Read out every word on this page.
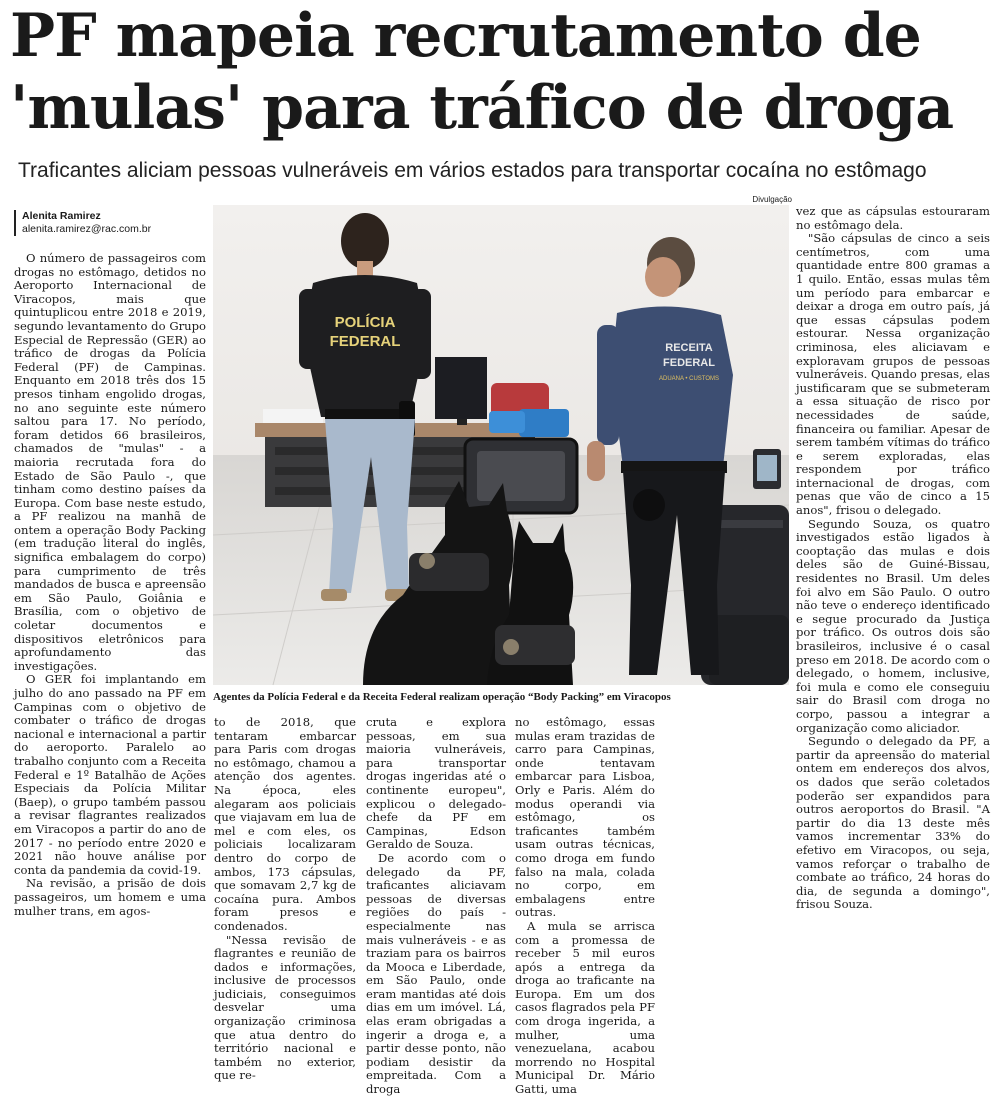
PF mapeia recrutamento de
'mulas' para tráfico de droga

Traficantes aliciam pessoas vulneráveis em vários estados para transportar cocaína no estômago

Alenita Ramirez
alenita.ramirez@rac.com.br
Divulgação
POLÍCIA
FEDERAL	RECEITA
FEDERAL
ADUANA • CUSTOMS
Agentes da Polícia Federal e da Receita Federal realizam operação “Body Packing” em Viracopos

O número de passageiros com drogas no estômago, detidos no Aeroporto Internacional de Viracopos, mais que quintuplicou entre 2018 e 2019, segundo levantamento do Grupo Especial de Repressão (GER) ao tráfico de drogas da Polícia Federal (PF) de Campinas. Enquanto em 2018 três dos 15 presos tinham engolido drogas, no ano seguinte este número saltou para 17. No período, foram detidos 66 brasileiros, chamados de "mulas" - a maioria recrutada fora do Estado de São Paulo -, que tinham como destino países da Europa. Com base neste estudo, a PF realizou na manhã de ontem a operação Body Packing (em tradução literal do inglês, significa embalagem do corpo) para cumprimento de três mandados de busca e apreensão em São Paulo, Goiânia e Brasília, com o objetivo de coletar documentos e dispositivos eletrônicos para aprofundamento das investigações.

O GER foi implantando em julho do ano passado na PF em Campinas com o objetivo de combater o tráfico de drogas nacional e internacional a partir do aeroporto. Paralelo ao trabalho conjunto com a Receita Federal e 1º Batalhão de Ações Especiais da Polícia Militar (Baep), o grupo também passou a revisar flagrantes realizados em Viracopos a partir do ano de 2017 - no período entre 2020 e 2021 não houve análise por conta da pandemia da covid-19.

Na revisão, a prisão de dois passageiros, um homem e uma mulher trans, em agos-

to de 2018, que tentaram embarcar para Paris com drogas no estômago, chamou a atenção dos agentes. Na época, eles alegaram aos policiais que viajavam em lua de mel e com eles, os policiais localizaram dentro do corpo de ambos, 173 cápsulas, que somavam 2,7 kg de cocaína pura. Ambos foram presos e condenados.

"Nessa revisão de flagrantes e reunião de dados e informações, inclusive de processos judiciais, conseguimos desvelar uma organização criminosa que atua dentro do território nacional e também no exterior, que re-

cruta e explora pessoas, em sua maioria vulneráveis, para transportar drogas ingeridas até o continente europeu", explicou o delegado-chefe da PF em Campinas, Edson Geraldo de Souza.

De acordo com o delegado da PF, traficantes aliciavam pessoas de diversas regiões do país - especialmente nas mais vulneráveis - e as traziam para os bairros da Mooca e Liberdade, em São Paulo, onde eram mantidas até dois dias em um imóvel. Lá, elas eram obrigadas a ingerir a droga e, a partir desse ponto, não podiam desistir da empreitada. Com a droga

no estômago, essas mulas eram trazidas de carro para Campinas, onde tentavam embarcar para Lisboa, Orly e Paris. Além do modus operandi via estômago, os traficantes também usam outras técnicas, como droga em fundo falso na mala, colada no corpo, em embalagens entre outras.

A mula se arrisca com a promessa de receber 5 mil euros após a entrega da droga ao traficante na Europa. Em um dos casos flagrados pela PF com droga ingerida, a mulher, uma venezuelana, acabou morrendo no Hospital Municipal Dr. Mário Gatti, uma

vez que as cápsulas estouraram no estômago dela.

"São cápsulas de cinco a seis centímetros, com uma quantidade entre 800 gramas a 1 quilo. Então, essas mulas têm um período para embarcar e deixar a droga em outro país, já que essas cápsulas podem estourar. Nessa organização criminosa, eles aliciavam e exploravam grupos de pessoas vulneráveis. Quando presas, elas justificaram que se submeteram a essa situação de risco por necessidades de saúde, financeira ou familiar. Apesar de serem também vítimas do tráfico e serem exploradas, elas respondem por tráfico internacional de drogas, com penas que vão de cinco a 15 anos", frisou o delegado.

Segundo Souza, os quatro investigados estão ligados à cooptação das mulas e dois deles são de Guiné-Bissau, residentes no Brasil. Um deles foi alvo em São Paulo. O outro não teve o endereço identificado e segue procurado da Justiça por tráfico. Os outros dois são brasileiros, inclusive é o casal preso em 2018. De acordo com o delegado, o homem, inclusive, foi mula e como ele conseguiu sair do Brasil com droga no corpo, passou a integrar a organização como aliciador.

Segundo o delegado da PF, a partir da apreensão do material ontem em endereços dos alvos, os dados que serão coletados poderão ser expandidos para outros aeroportos do Brasil. "A partir do dia 13 deste mês vamos incrementar 33% do efetivo em Viracopos, ou seja, vamos reforçar o trabalho de combate ao tráfico, 24 horas do dia, de segunda a domingo", frisou Souza.
